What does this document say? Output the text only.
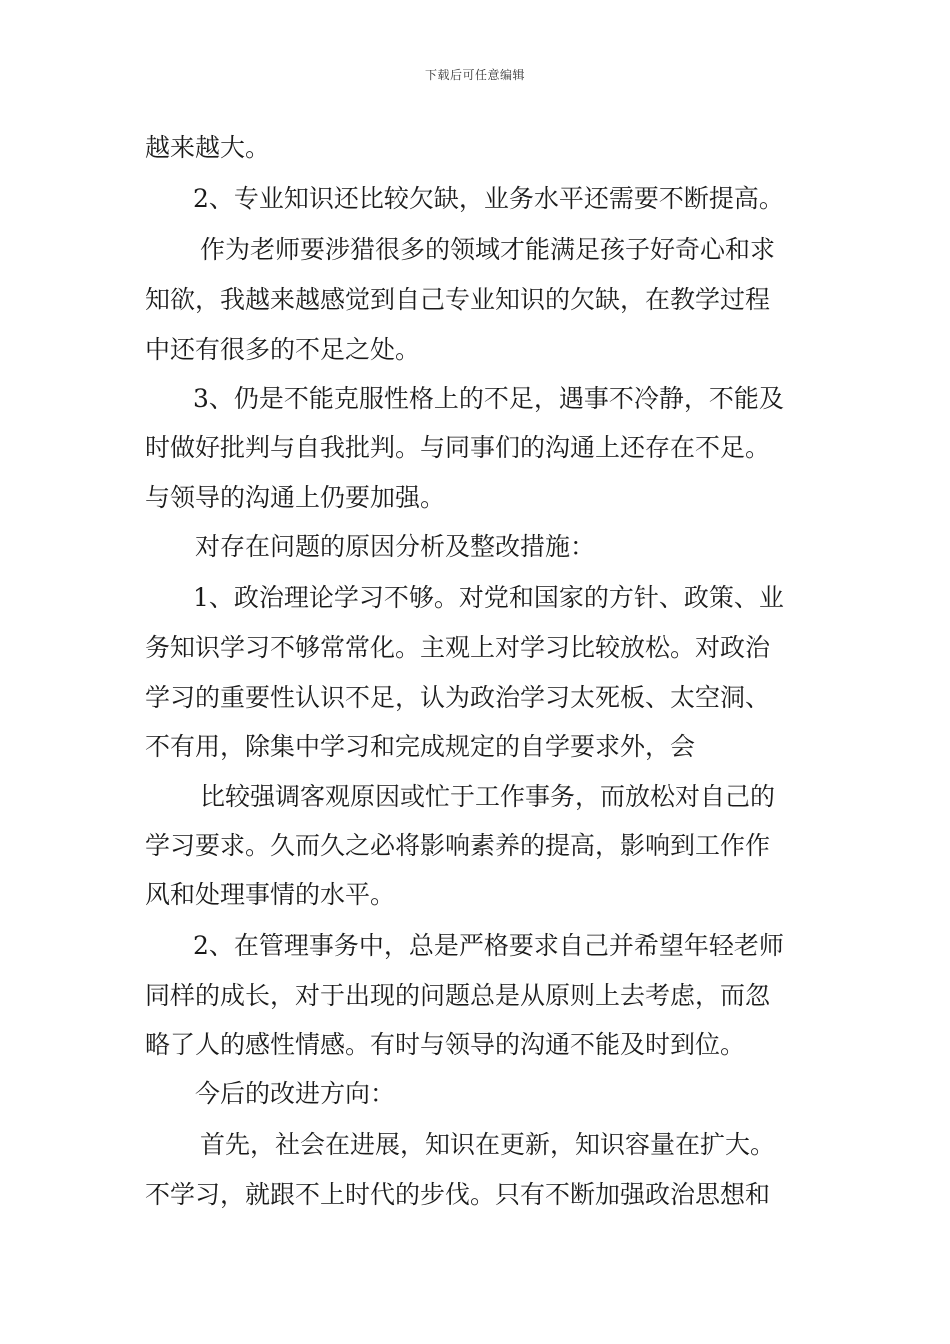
下载后可任意编辑
越来越大。
2、专业知识还比较欠缺，业务水平还需要不断提高。
作为老师要涉猎很多的领域才能满足孩子好奇心和求
知欲，我越来越感觉到自己专业知识的欠缺，在教学过程
中还有很多的不足之处。
3、仍是不能克服性格上的不足，遇事不冷静，不能及
时做好批判与自我批判。与同事们的沟通上还存在不足。
与领导的沟通上仍要加强。
对存在问题的原因分析及整改措施：
1、政治理论学习不够。对党和国家的方针、政策、业
务知识学习不够常常化。主观上对学习比较放松。对政治
学习的重要性认识不足，认为政治学习太死板、太空洞、
不有用，除集中学习和完成规定的自学要求外，会
比较强调客观原因或忙于工作事务，而放松对自己的
学习要求。久而久之必将影响素养的提高，影响到工作作
风和处理事情的水平。
2、在管理事务中，总是严格要求自己并希望年轻老师
同样的成长，对于出现的问题总是从原则上去考虑，而忽
略了人的感性情感。有时与领导的沟通不能及时到位。
今后的改进方向：
首先，社会在进展，知识在更新，知识容量在扩大。
不学习，就跟不上时代的步伐。只有不断加强政治思想和
